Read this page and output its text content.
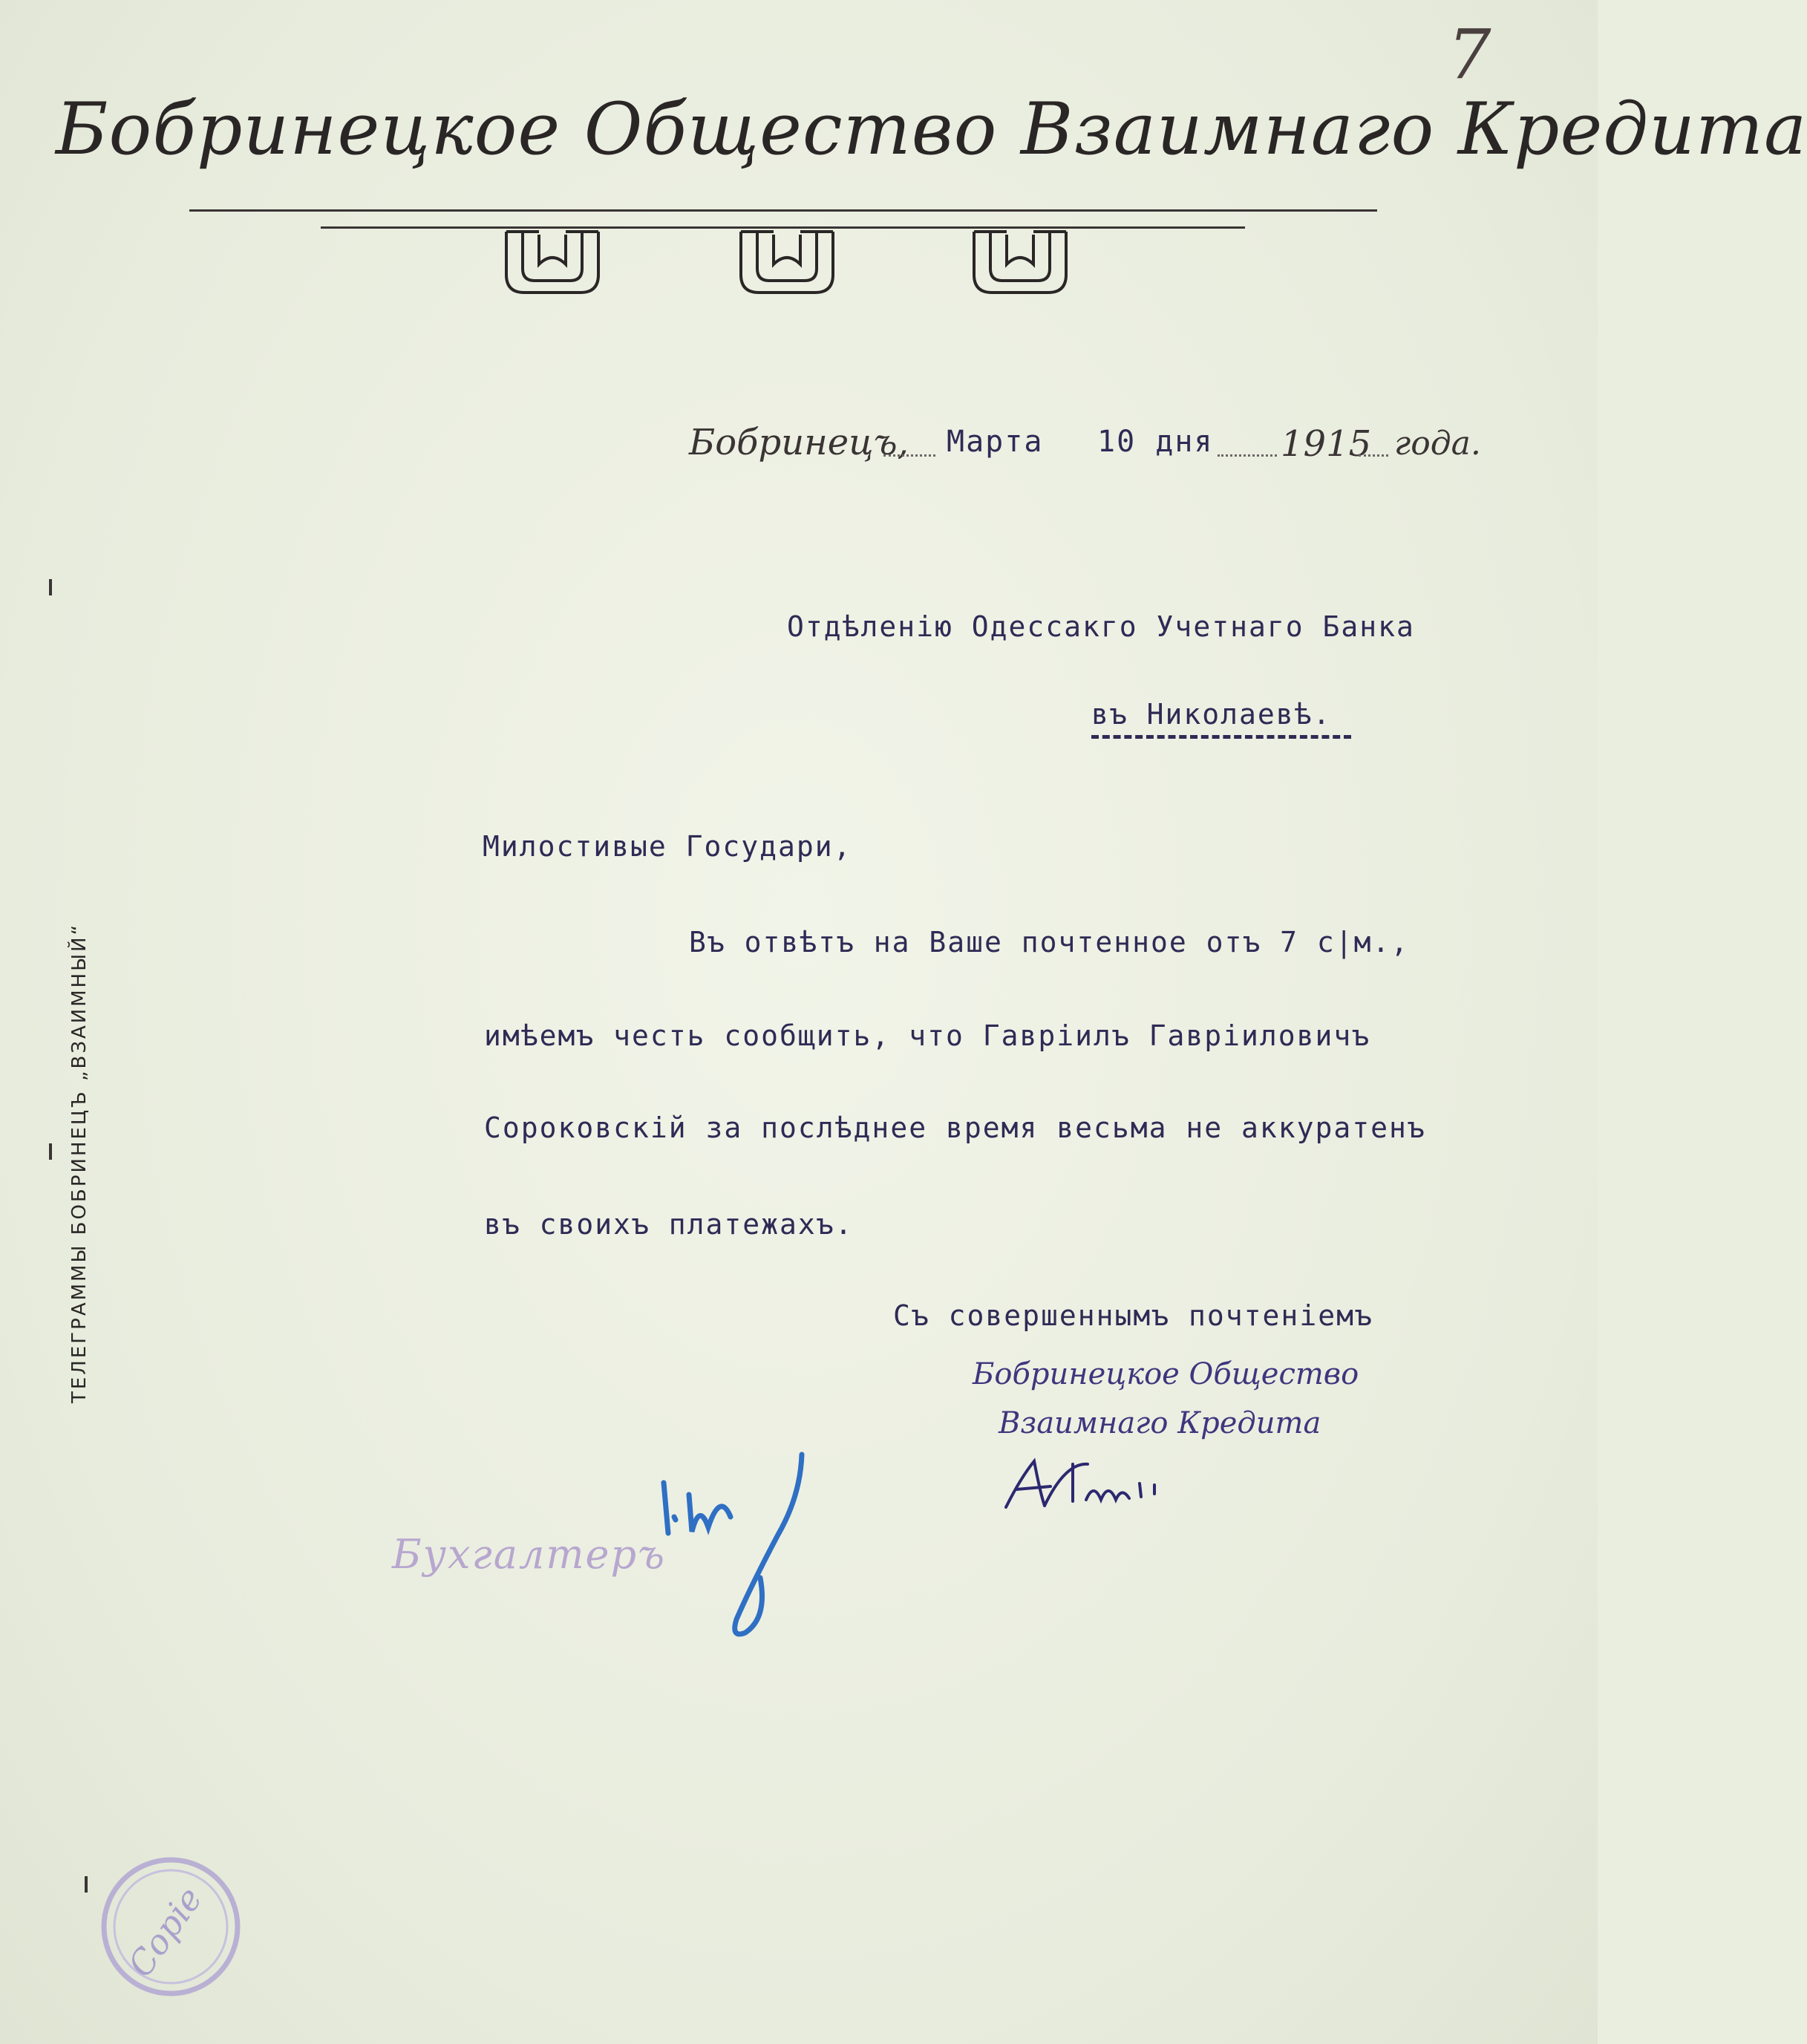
7
Бобринецкое Общество Взаимнаго Кредита
Бобринецъ, Марта 10 дня 1915 года.
Отдѣленію Одессакго Учетнаго Банка
въ Николаевѣ.
Милостивые Государи,
Въ отвѣтъ на Ваше почтенное отъ 7 с|м.,
имѣемъ честь сообщить, что Гавріилъ Гавріиловичъ
Сороковскій за послѣднее время весьма не аккуратенъ
въ своихъ платежахъ.
Съ совершеннымъ почтеніемъ
Бобринецкое Общество
Взаимнаго Кредита
ТЕЛЕГРАММЫ БОБРИНЕЦЪ „ВЗАИМНЫЙ“
Бухгалтеръ
Copie
